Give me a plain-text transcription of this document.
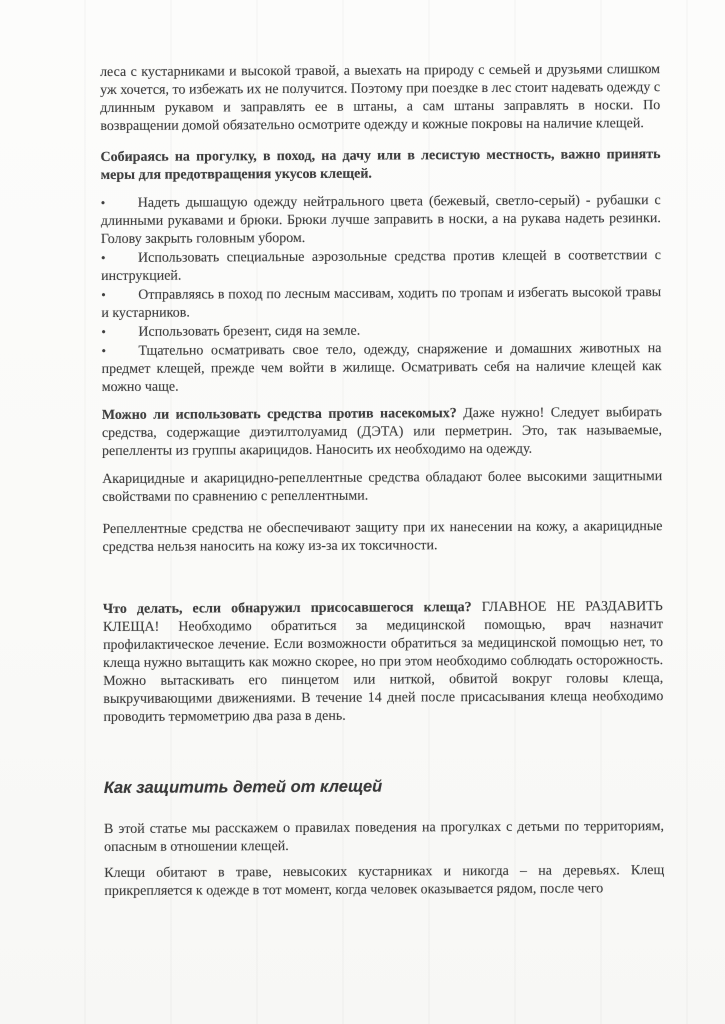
леса с кустарниками и высокой травой, а выехать на природу с семьей и друзьями слишком уж хочется, то избежать их не получится. Поэтому при поездке в лес стоит надевать одежду с длинным рукавом и заправлять ее в штаны, а сам штаны заправлять в носки. По возвращении домой обязательно осмотрите одежду и кожные покровы на наличие клещей.

Собираясь на прогулку, в поход, на дачу или в лесистую местность, важно принять меры для предотвращения укусов клещей.

• Надеть дышащую одежду нейтрального цвета (бежевый, светло-серый) - рубашки с длинными рукавами и брюки. Брюки лучше заправить в носки, а на рукава надеть резинки. Голову закрыть головным убором.

• Использовать специальные аэрозольные средства против клещей в соответствии с инструкцией.

• Отправляясь в поход по лесным массивам, ходить по тропам и избегать высокой травы и кустарников.

• Использовать брезент, сидя на земле.

• Тщательно осматривать свое тело, одежду, снаряжение и домашних животных на предмет клещей, прежде чем войти в жилище. Осматривать себя на наличие клещей как можно чаще.

Можно ли использовать средства против насекомых? Даже нужно! Следует выбирать средства, содержащие диэтилтолуамид (ДЭТА) или перметрин. Это, так называемые, репелленты из группы акарицидов. Наносить их необходимо на одежду.

Акарицидные и акарицидно-репеллентные средства обладают более высокими защитными свойствами по сравнению с репеллентными.

Репеллентные средства не обеспечивают защиту при их нанесении на кожу, а акарицидные средства нельзя наносить на кожу из-за их токсичности.

Что делать, если обнаружил присосавшегося клеща? ГЛАВНОЕ НЕ РАЗДАВИТЬ КЛЕЩА! Необходимо обратиться за медицинской помощью, врач назначит профилактическое лечение. Если возможности обратиться за медицинской помощью нет, то клеща нужно вытащить как можно скорее, но при этом необходимо соблюдать осторожность. Можно вытаскивать его пинцетом или ниткой, обвитой вокруг головы клеща, выкручивающими движениями. В течение 14 дней после присасывания клеща необходимо проводить термометрию два раза в день.

Как защитить детей от клещей

В этой статье мы расскажем о правилах поведения на прогулках с детьми по территориям, опасным в отношении клещей.

Клещи обитают в траве, невысоких кустарниках и никогда – на деревьях. Клещ прикрепляется к одежде в тот момент, когда человек оказывается рядом, после чего
